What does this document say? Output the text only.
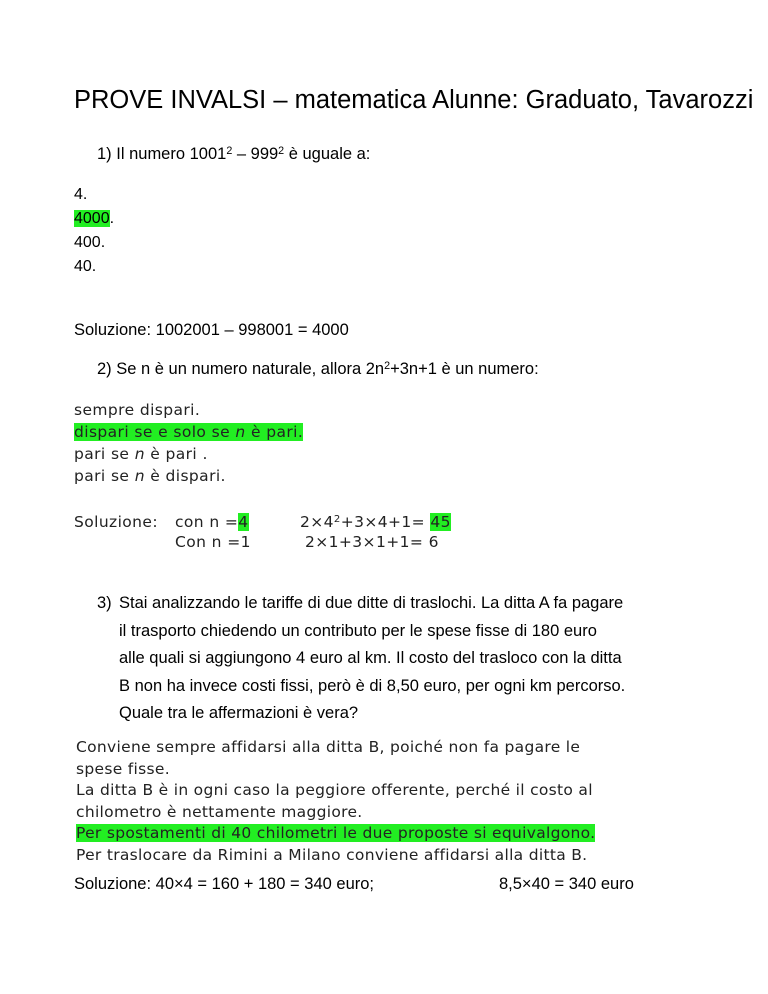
PROVE INVALSI – matematica Alunne: Graduato, Tavarozzi
1) Il numero $1001^2 - 999^2$ è uguale a:
4.
4000.
400.
40.
Soluzione: 1002001 – 998001 = 4000
2) Se n è un numero naturale, allora $2n^2+3n+1$ è un numero:
sempre dispari.
dispari se e solo se n è pari.
pari se n è pari .
pari se n è dispari.
Soluzione: con n =4
Con n =1
$2\times 4^2+3\times 4+1= 45$
2×1+3×1+1= 6
3) Stai analizzando le tariffe di due ditte di traslochi. La ditta A fa pagare
il trasporto chiedendo un contributo per le spese fisse di 180 euro
alle quali si aggiungono 4 euro al km. Il costo del trasloco con la ditta
B non ha invece costi fissi, però è di 8,50 euro, per ogni km percorso.
Quale tra le affermazioni è vera?
Conviene sempre affidarsi alla ditta B, poiché non fa pagare le
spese fisse.
La ditta B è in ogni caso la peggiore offerente, perché il costo al
chilometro è nettamente maggiore.
Per spostamenti di 40 chilometri le due proposte si equivalgono.
Per traslocare da Rimini a Milano conviene affidarsi alla ditta B.
Soluzione: 40×4 = 160 + 180 = 340 euro;	8,5×40 = 340 euro
